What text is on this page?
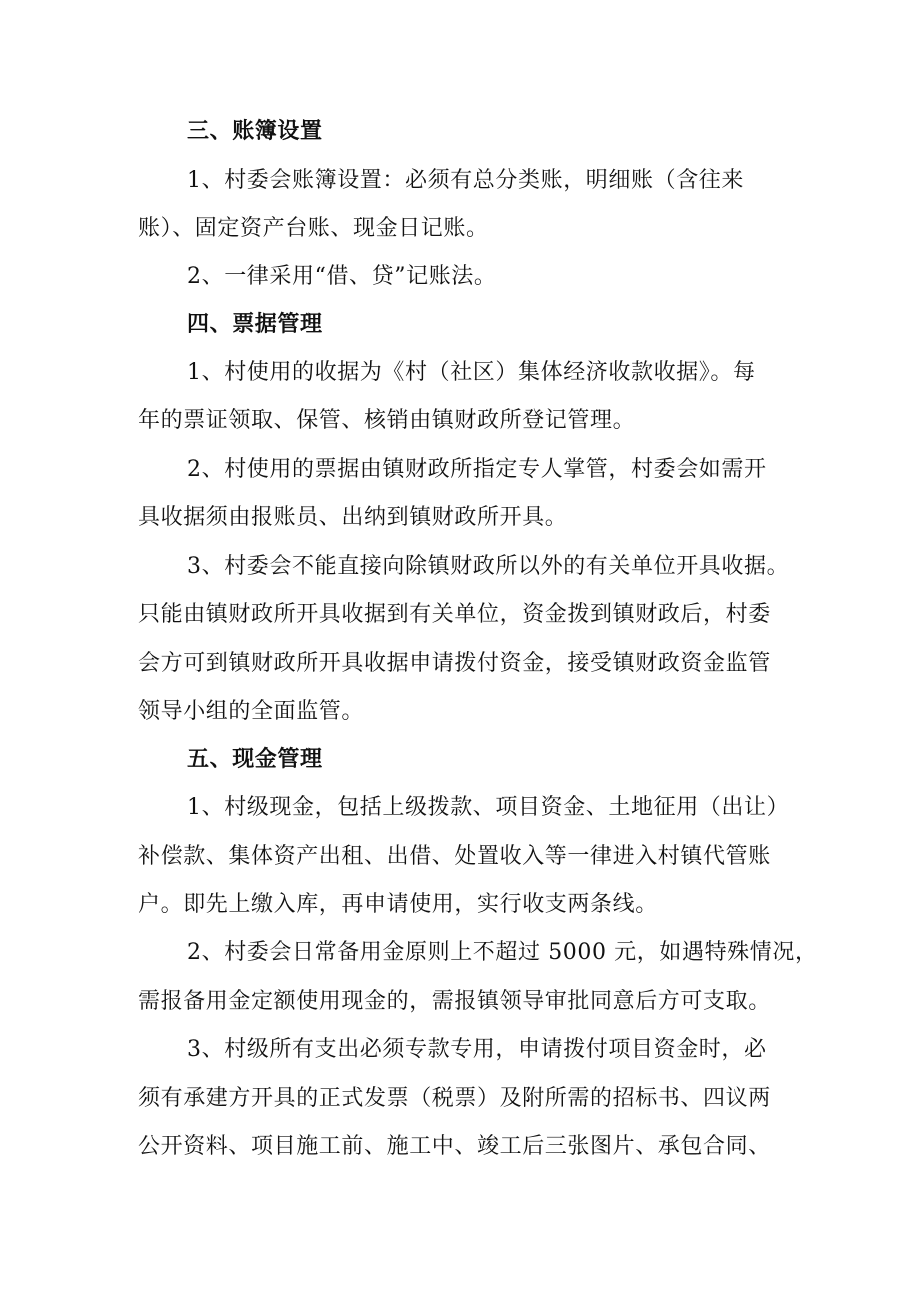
三、账簿设置
1、村委会账簿设置：必须有总分类账，明细账（含往来
账）、固定资产台账、现金日记账。
2、一律采用“借、贷”记账法。
四、票据管理
1、村使用的收据为《村（社区）集体经济收款收据》。每
年的票证领取、保管、核销由镇财政所登记管理。
2、村使用的票据由镇财政所指定专人掌管，村委会如需开
具收据须由报账员、出纳到镇财政所开具。
3、村委会不能直接向除镇财政所以外的有关单位开具收据。
只能由镇财政所开具收据到有关单位，资金拨到镇财政后，村委
会方可到镇财政所开具收据申请拨付资金，接受镇财政资金监管
领导小组的全面监管。
五、现金管理
1、村级现金，包括上级拨款、项目资金、土地征用（出让）
补偿款、集体资产出租、出借、处置收入等一律进入村镇代管账
户。即先上缴入库，再申请使用，实行收支两条线。
2、村委会日常备用金原则上不超过 5000 元，如遇特殊情况，
需报备用金定额使用现金的，需报镇领导审批同意后方可支取。
3、村级所有支出必须专款专用，申请拨付项目资金时，必
须有承建方开具的正式发票（税票）及附所需的招标书、四议两
公开资料、项目施工前、施工中、竣工后三张图片、承包合同、
